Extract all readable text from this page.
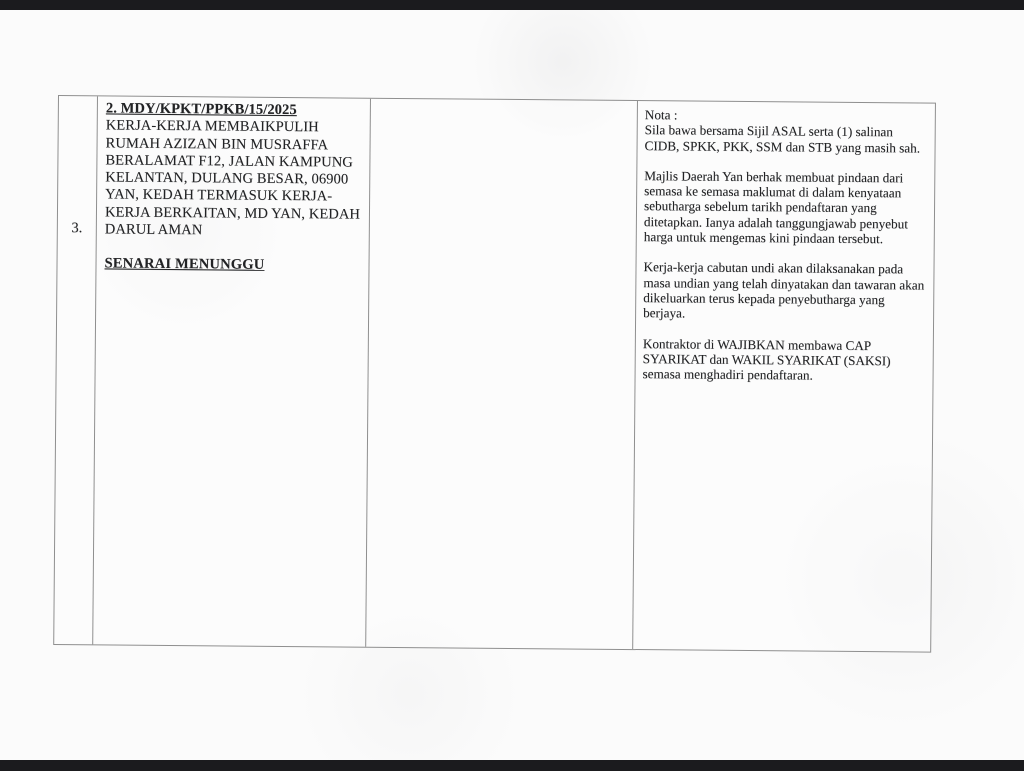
3.
2. MDY/KPKT/PPKB/15/2025
KERJA-KERJA MEMBAIKPULIH RUMAH AZIZAN BIN MUSRAFFA BERALAMAT F12, JALAN KAMPUNG KELANTAN, DULANG BESAR, 06900 YAN, KEDAH TERMASUK KERJA-KERJA BERKAITAN, MD YAN, KEDAH DARUL AMAN
SENARAI MENUNGGU
Nota :

Sila bawa bersama Sijil ASAL serta (1) salinan CIDB, SPKK, PKK, SSM dan STB yang masih sah.

Majlis Daerah Yan berhak membuat pindaan dari semasa ke semasa maklumat di dalam kenyataan sebutharga sebelum tarikh pendaftaran yang ditetapkan. Ianya adalah tanggungjawab penyebut harga untuk mengemas kini pindaan tersebut.

Kerja-kerja cabutan undi akan dilaksanakan pada masa undian yang telah dinyatakan dan tawaran akan dikeluarkan terus kepada penyebutharga yang berjaya.

Kontraktor di WAJIBKAN membawa CAP SYARIKAT dan WAKIL SYARIKAT (SAKSI) semasa menghadiri pendaftaran.
